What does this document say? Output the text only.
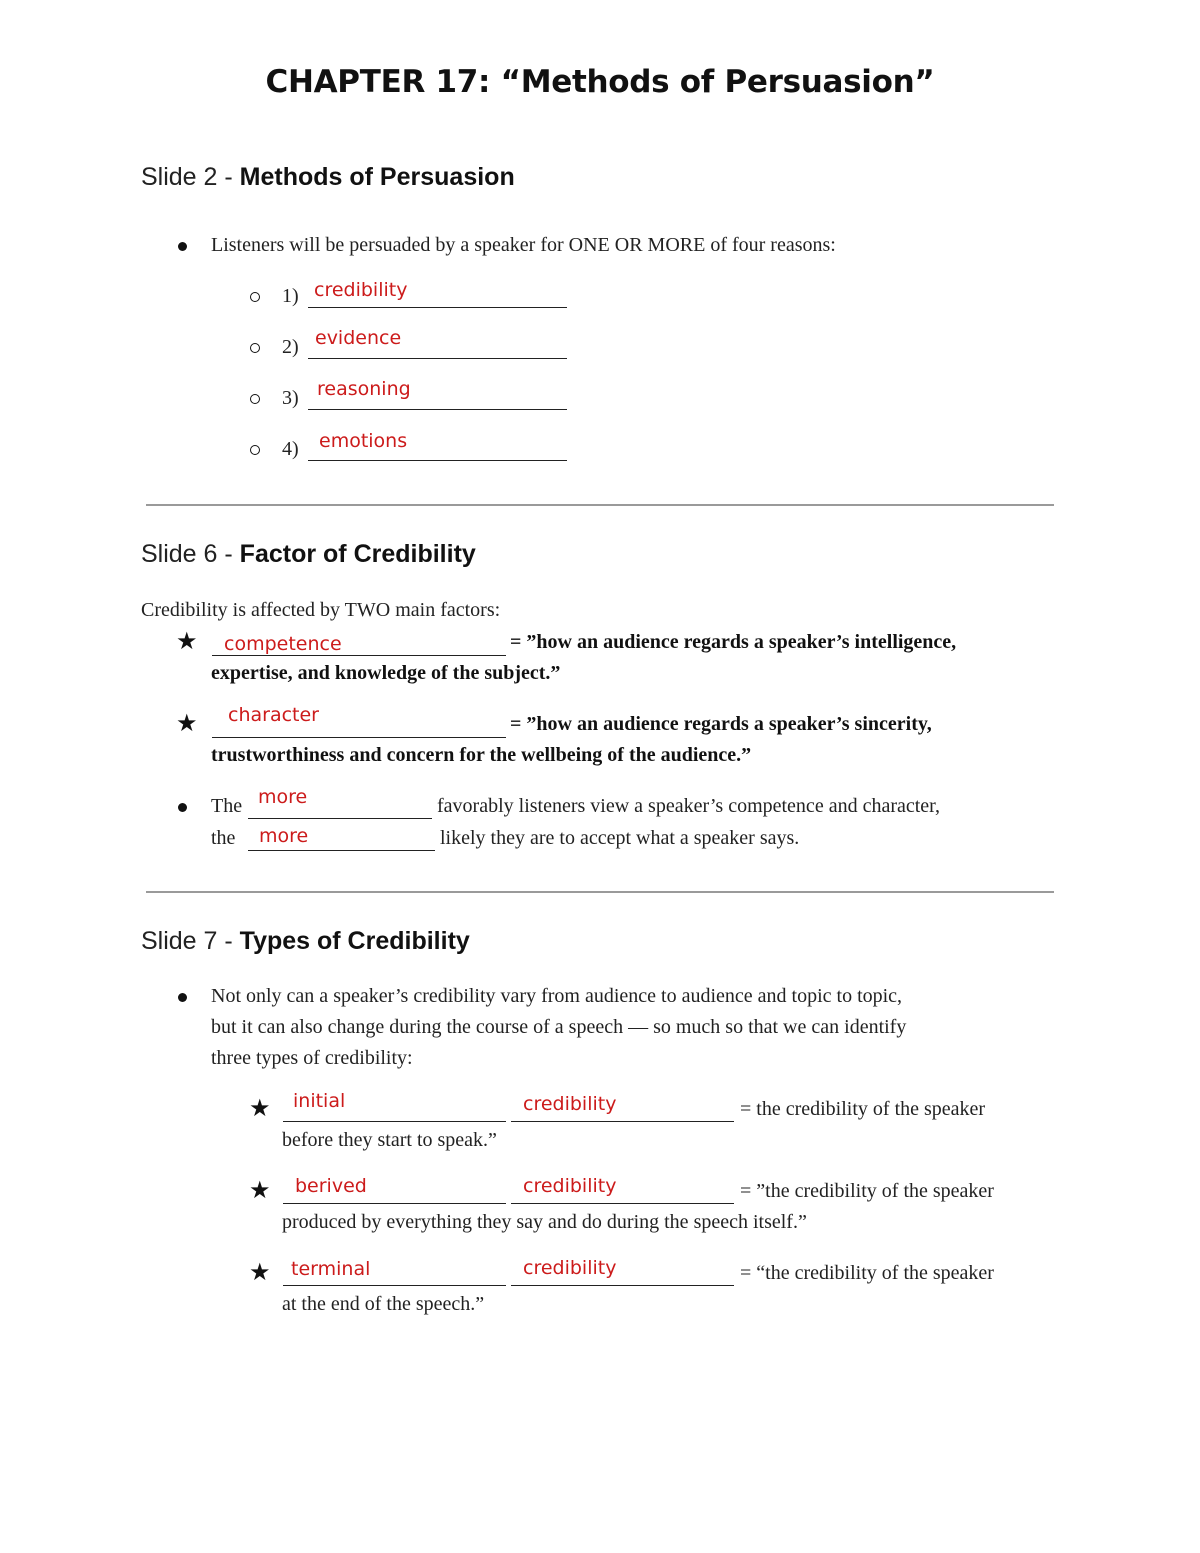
CHAPTER 17: “Methods of Persuasion”
Slide 2 - Methods of Persuasion
Listeners will be persuaded by a speaker for ONE OR MORE of four reasons:
1) credibility
2) evidence
3) reasoning
4) emotions
Slide 6 - Factor of Credibility
Credibility is affected by TWO main factors:
★ competence	= ”how an audience regards a speaker’s intelligence,
expertise, and knowledge of the subject.”
★ character	= ”how an audience regards a speaker’s sincerity,
trustworthiness and concern for the wellbeing of the audience.”
The more	favorably listeners view a speaker’s competence and character,
the more	likely they are to accept what a speaker says.
Slide 7 - Types of Credibility
Not only can a speaker’s credibility vary from audience to audience and topic to topic,
but it can also change during the course of a speech — so much so that we can identify
three types of credibility:
★ initial	credibility	= the credibility of the speaker
before they start to speak.”
★ berived	credibility	= ”the credibility of the speaker
produced by everything they say and do during the speech itself.”
★ terminal	credibility	= “the credibility of the speaker
at the end of the speech.”
